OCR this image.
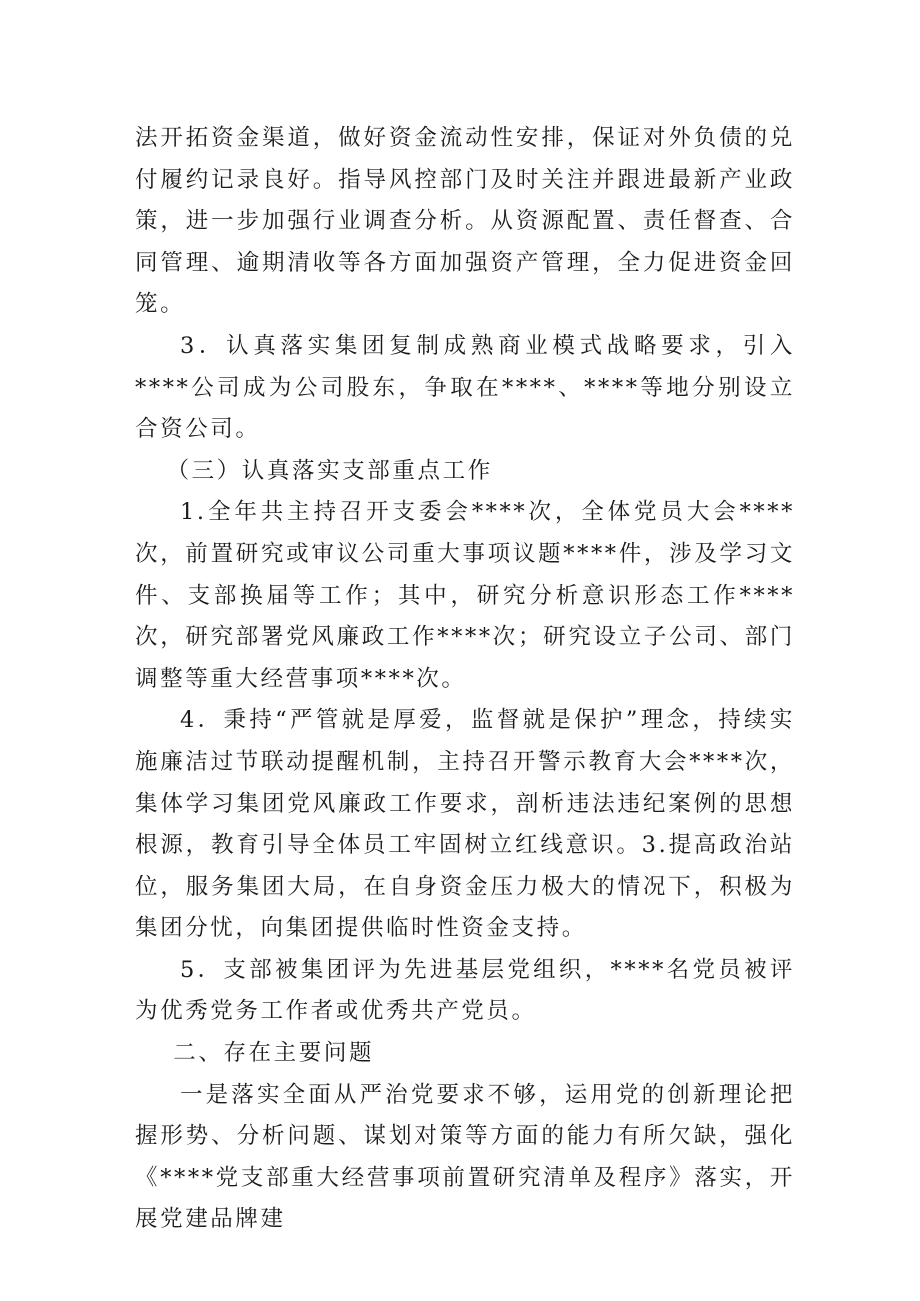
法开拓资金渠道，做好资金流动性安排，保证对外负债的兑付履约记录良好。指导风控部门及时关注并跟进最新产业政策，进一步加强行业调查分析。从资源配置、责任督查、合同管理、逾期清收等各方面加强资产管理，全力促进资金回笼。

3．认真落实集团复制成熟商业模式战略要求，引入****公司成为公司股东，争取在****、****等地分别设立合资公司。

（三）认真落实支部重点工作

1.全年共主持召开支委会****次，全体党员大会****次，前置研究或审议公司重大事项议题****件，涉及学习文件、支部换届等工作；其中，研究分析意识形态工作****次，研究部署党风廉政工作****次；研究设立子公司、部门调整等重大经营事项****次。

4．秉持“严管就是厚爱，监督就是保护”理念，持续实施廉洁过节联动提醒机制，主持召开警示教育大会****次，集体学习集团党风廉政工作要求，剖析违法违纪案例的思想根源，教育引导全体员工牢固树立红线意识。3.提高政治站位，服务集团大局，在自身资金压力极大的情况下，积极为集团分忧，向集团提供临时性资金支持。

5．支部被集团评为先进基层党组织，****名党员被评为优秀党务工作者或优秀共产党员。

二、存在主要问题

一是落实全面从严治党要求不够，运用党的创新理论把握形势、分析问题、谋划对策等方面的能力有所欠缺，强化《****党支部重大经营事项前置研究清单及程序》落实，开展党建品牌建
